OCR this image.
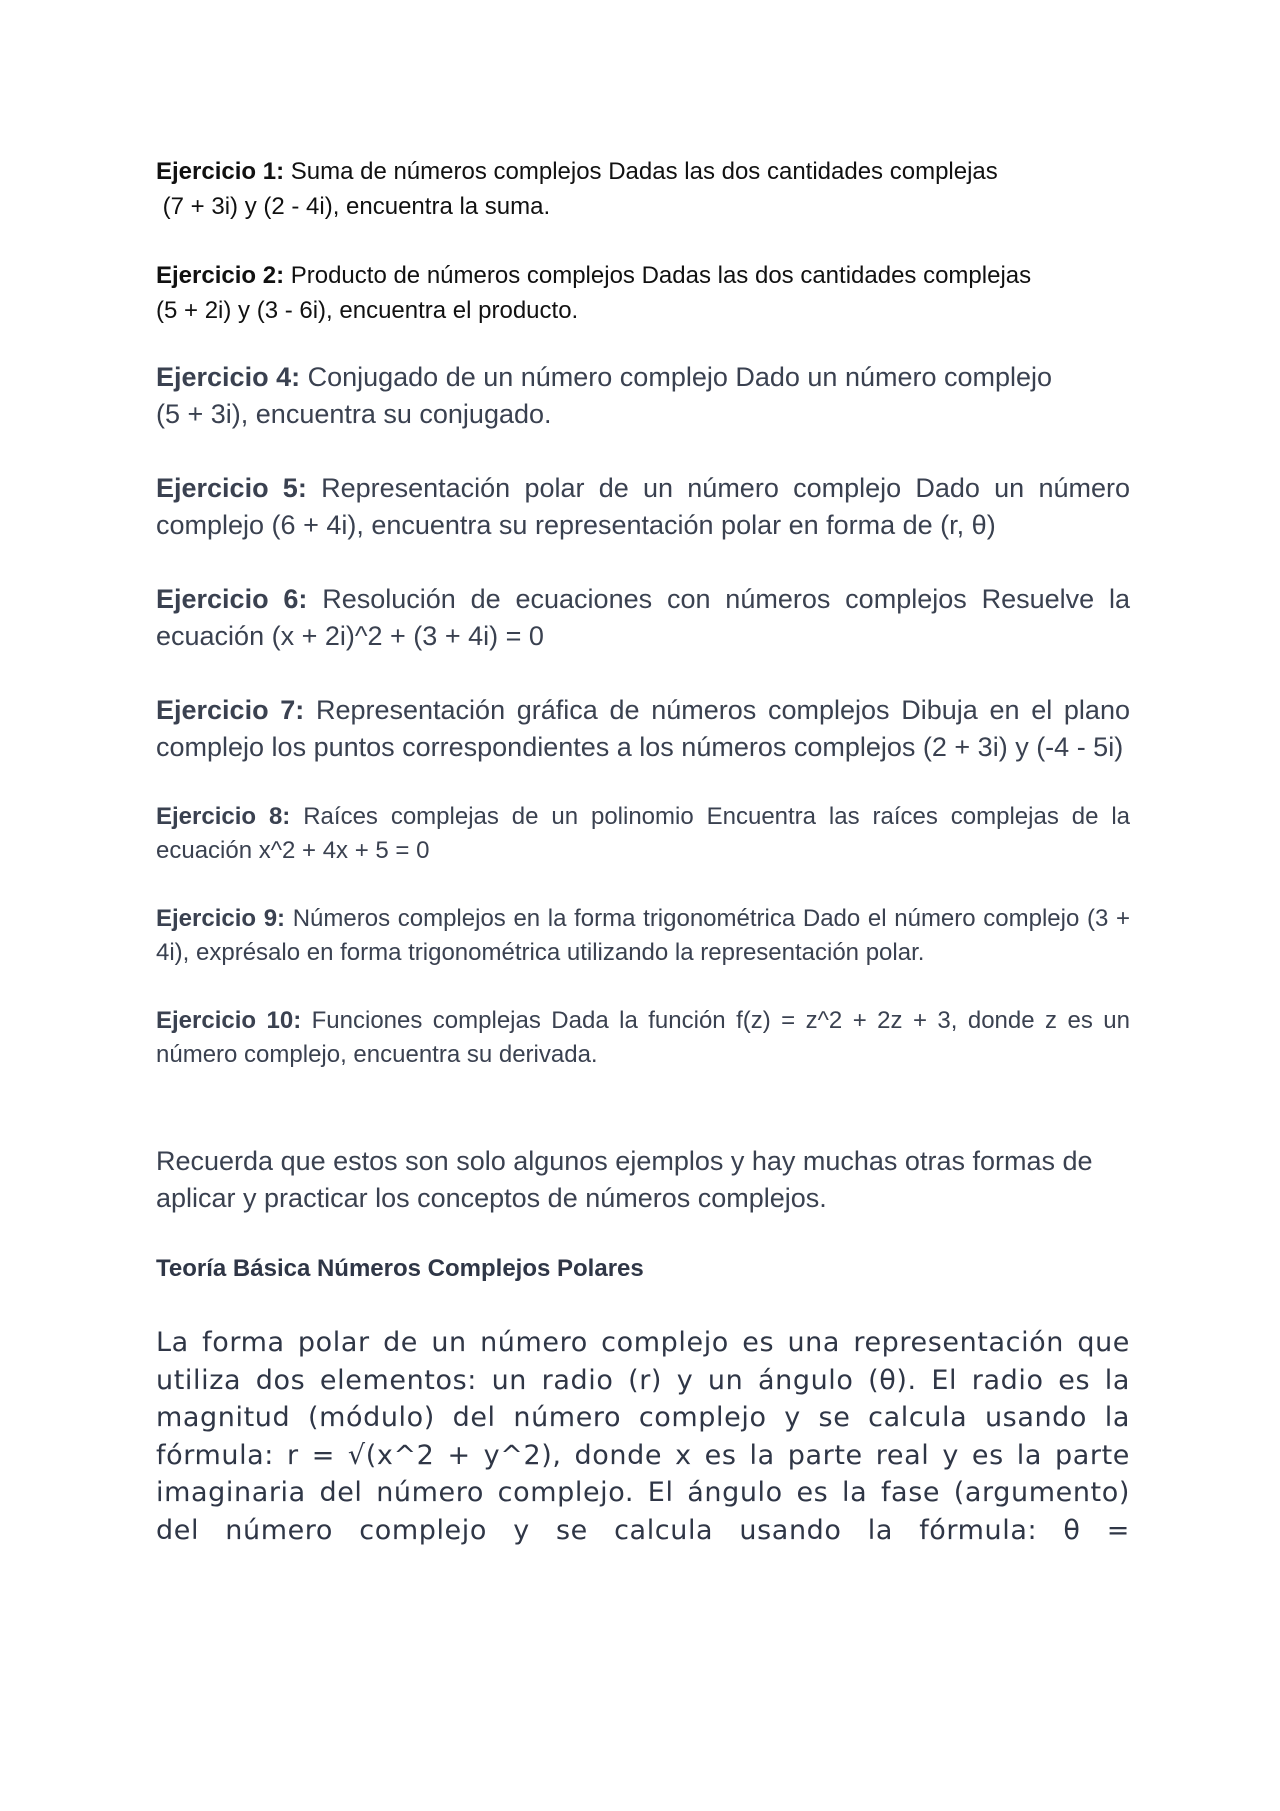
Ejercicio 1: Suma de números complejos Dadas las dos cantidades complejas
(7 + 3i) y (2 - 4i), encuentra la suma.

Ejercicio 2: Producto de números complejos Dadas las dos cantidades complejas
(5 + 2i) y (3 - 6i), encuentra el producto.

Ejercicio 4: Conjugado de un número complejo Dado un número complejo
(5 + 3i), encuentra su conjugado.

Ejercicio 5: Representación polar de un número complejo Dado un número complejo (6 + 4i), encuentra su representación polar en forma de (r, θ)

Ejercicio 6: Resolución de ecuaciones con números complejos Resuelve la ecuación (x + 2i)^2 + (3 + 4i) = 0

Ejercicio 7: Representación gráfica de números complejos Dibuja en el plano complejo los puntos correspondientes a los números complejos (2 + 3i) y (-4 - 5i)

Ejercicio 8: Raíces complejas de un polinomio Encuentra las raíces complejas de la ecuación x^2 + 4x + 5 = 0

Ejercicio 9: Números complejos en la forma trigonométrica Dado el número complejo (3 + 4i), exprésalo en forma trigonométrica utilizando la representación polar.

Ejercicio 10: Funciones complejas Dada la función f(z) = z^2 + 2z + 3, donde z es un número complejo, encuentra su derivada.

Recuerda que estos son solo algunos ejemplos y hay muchas otras formas de aplicar y practicar los conceptos de números complejos.

Teoría Básica Números Complejos Polares

La forma polar de un número complejo es una representación que utiliza dos elementos: un radio (r) y un ángulo (θ). El radio es la magnitud (módulo) del número complejo y se calcula usando la fórmula: r = √(x^2 + y^2), donde x es la parte real y es la parte imaginaria del número complejo. El ángulo es la fase (argumento) del número complejo y se calcula usando la fórmula: θ =
